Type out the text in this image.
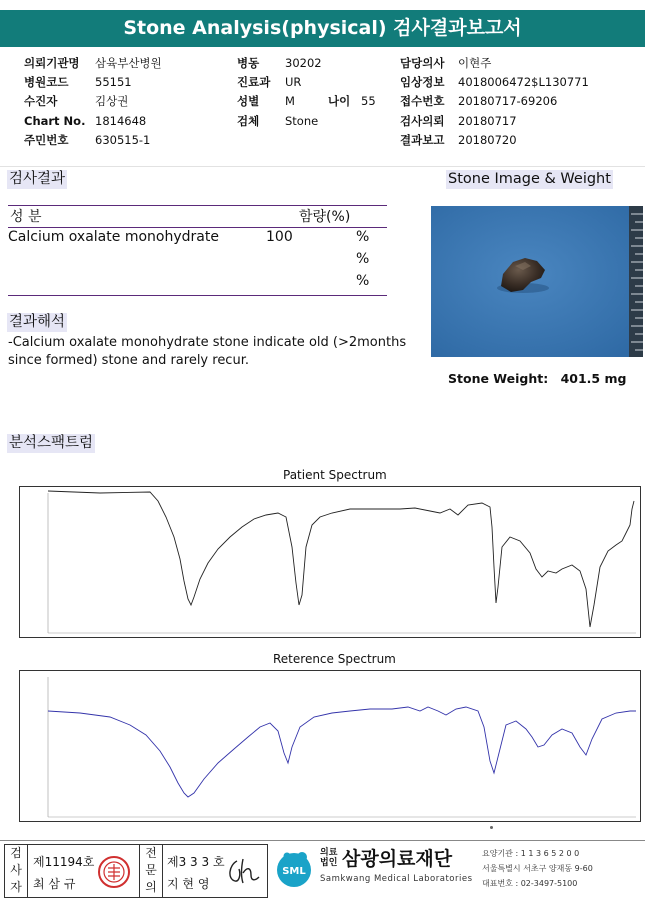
Stone Analysis(physical) 검사결과보고서
의뢰기관명 삼육부산병원
병원코드 55151
수진자	김상권
Chart No. 1814648
주민번호 630515-1
병동 30202
진료과 UR
성별 M
검체 Stone
나이 55
담당의사 이현주
임상정보 4018006472$L130771
접수번호 20180717-69206
검사의뢰 20180717
결과보고 20180720
검사결과	Stone Image & Weight
성 분	함량(%)
Calcium oxalate monohydrate	100	%
%
%
결과해석
-Calcium oxalate monohydrate stone indicate old (>2months since formed) stone and rarely recur.
Stone Weight: 401.5 mg
분석스팩트럼
Patient Spectrum
Reterence Spectrum
검사자
제11194호
최 삼 규
전문의
제3 3 3 호
지 현 영
SML
의료법인 삼광의료재단
Samkwang Medical Laboratories
요양기관 : 1 1 3 6 5 2 0 0
서울특별시 서초구 양재동 9-60
대표번호 : 02-3497-5100
